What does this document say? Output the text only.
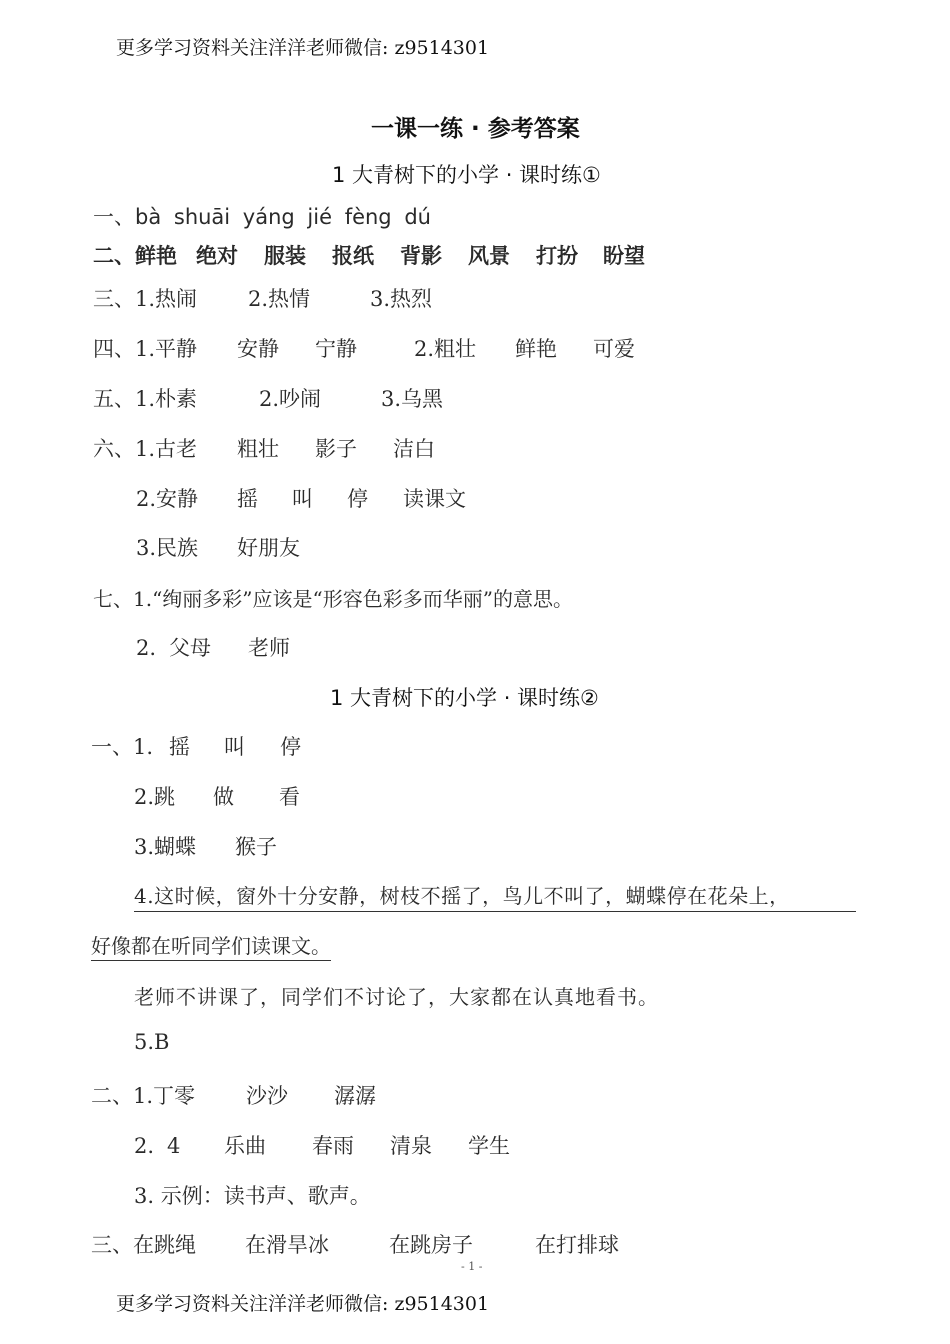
更多学习资料关注洋洋老师微信: z9514301
一课一练 · 参考答案
1 大青树下的小学 · 课时练①
一、bà shuāi yáng jié fèng dú
二、鲜艳 绝对 服装 报纸 背影 风景 打扮 盼望
三、1.热闹 2.热情	3.热烈
四、1.平静 安静 宁静	2.粗壮 鲜艳 可爱
五、1.朴素	2.吵闹	3.乌黑
六、1.古老 粗壮 影子 洁白
2.安静 摇 叫 停 读课文
3.民族 好朋友
七、1.“绚丽多彩”应该是“形容色彩多而华丽”的意思。
2. 父母 老师
1 大青树下的小学 · 课时练②
一、1. 摇 叫 停
2.跳 做 看
3.蝴蝶 猴子
4.这时候，窗外十分安静，树枝不摇了，鸟儿不叫了，蝴蝶停在花朵上，
好像都在听同学们读课文。
老师不讲课了，同学们不讨论了，大家都在认真地看书。
5.B
二、1.丁零 沙沙 潺潺
2. 4 乐曲 春雨 清泉 学生
3. 示例：读书声、歌声。
三、在跳绳 在滑旱冰	在跳房子	在打排球
- 1 -
更多学习资料关注洋洋老师微信: z9514301
